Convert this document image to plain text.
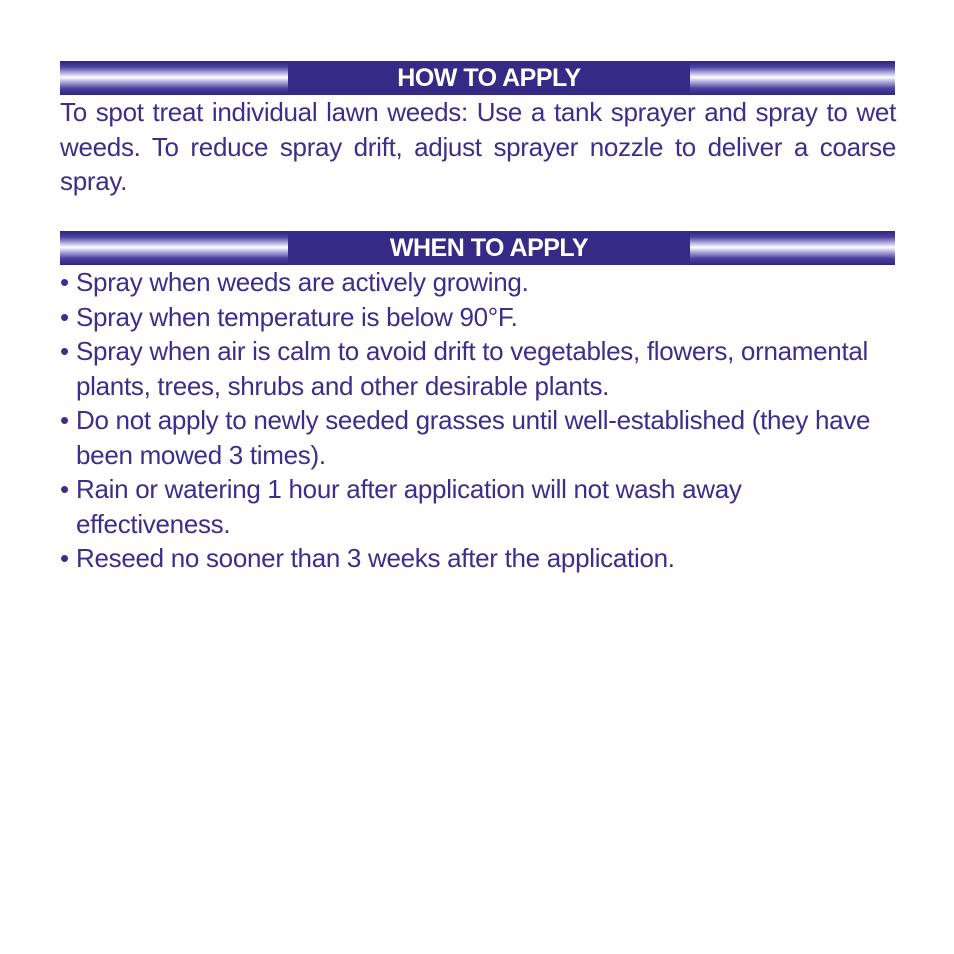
HOW TO APPLY

To spot treat individual lawn weeds: Use a tank sprayer and spray to wet weeds. To reduce spray drift, adjust sprayer nozzle to deliver a coarse spray.

WHEN TO APPLY
• Spray when weeds are actively growing.
• Spray when temperature is below 90°F.
• Spray when air is calm to avoid drift to vegetables, flowers, ornamental plants, trees, shrubs and other desirable plants.
• Do not apply to newly seeded grasses until well-established (they have been mowed 3 times).
• Rain or watering 1 hour after application will not wash away effectiveness.
• Reseed no sooner than 3 weeks after the application.
